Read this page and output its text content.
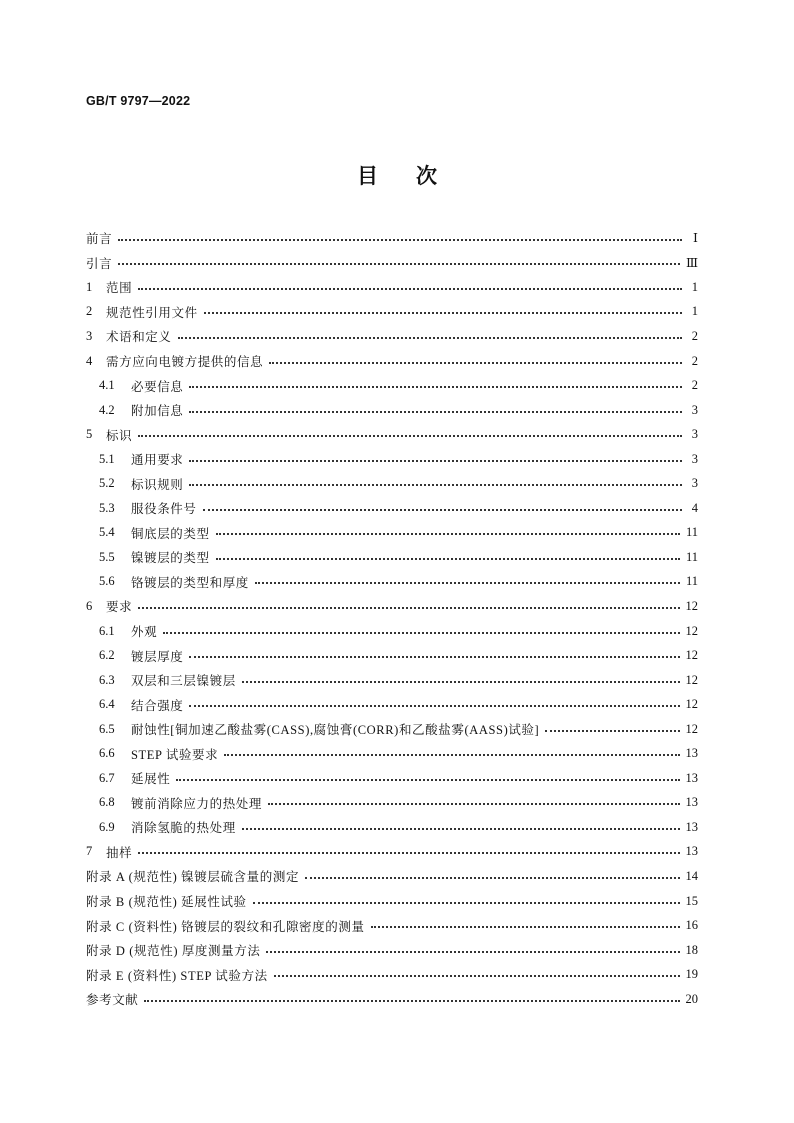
GB/T 9797—2022
目 次
前言	Ⅰ
引言	Ⅲ
1	范围	1
2	规范性引用文件	1
3	术语和定义	2
4	需方应向电镀方提供的信息	2
4.1	必要信息	2
4.2	附加信息	3
5	标识	3
5.1	通用要求	3
5.2	标识规则	3
5.3	服役条件号	4
5.4	铜底层的类型	11
5.5	镍镀层的类型	11
5.6	铬镀层的类型和厚度	11
6	要求	12
6.1	外观	12
6.2	镀层厚度	12
6.3	双层和三层镍镀层	12
6.4	结合强度	12
6.5	耐蚀性[铜加速乙酸盐雾(CASS),腐蚀膏(CORR)和乙酸盐雾(AASS)试验]	12
6.6	STEP 试验要求	13
6.7	延展性	13
6.8	镀前消除应力的热处理	13
6.9	消除氢脆的热处理	13
7	抽样	13
附录 A (规范性) 镍镀层硫含量的测定	14
附录 B (规范性) 延展性试验	15
附录 C (资料性) 铬镀层的裂纹和孔隙密度的测量	16
附录 D (规范性) 厚度测量方法	18
附录 E (资料性) STEP 试验方法	19
参考文献	20
